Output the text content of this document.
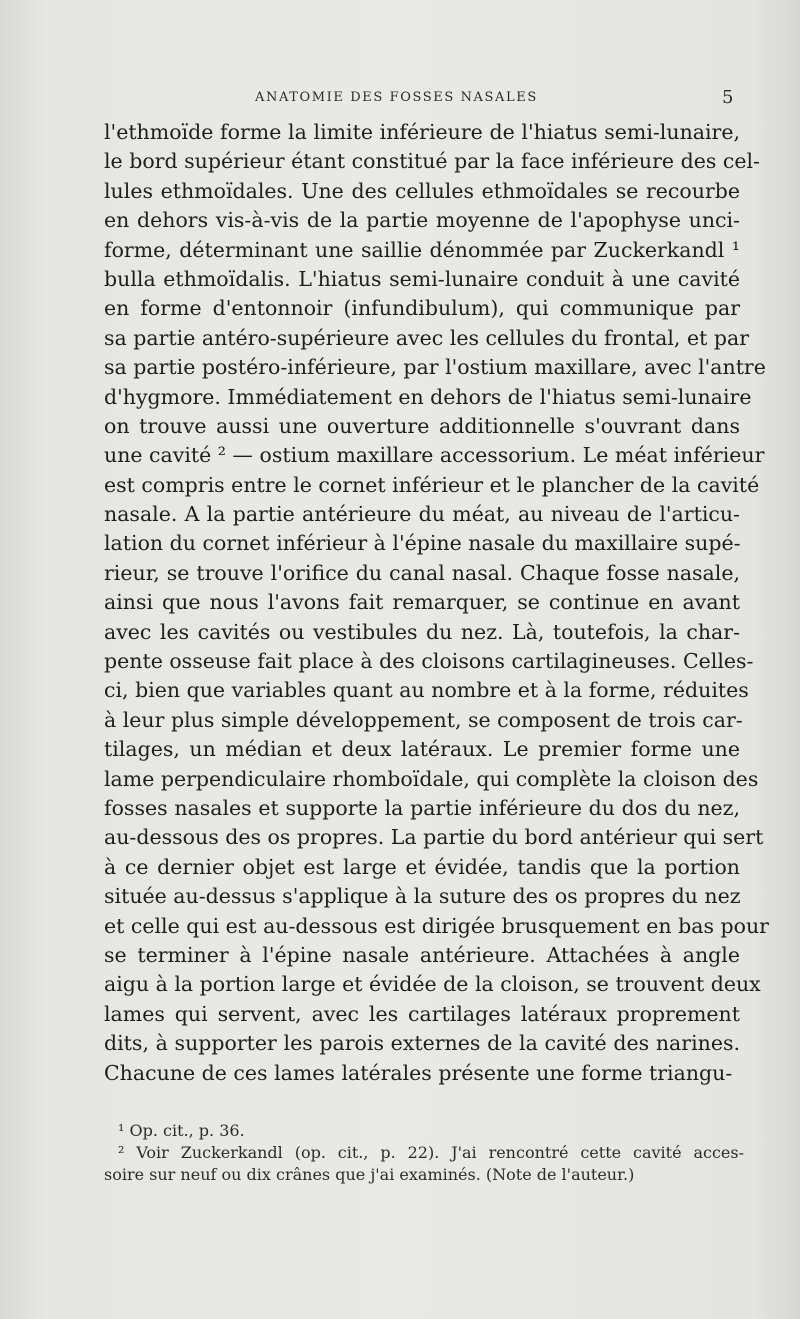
ANATOMIE DES FOSSES NASALES	5
l'ethmoïde forme la limite inférieure de l'hiatus semi-lunaire,
le bord supérieur étant constitué par la face inférieure des cel-
lules ethmoïdales. Une des cellules ethmoïdales se recourbe
en dehors vis-à-vis de la partie moyenne de l'apophyse unci-
forme, déterminant une saillie dénommée par Zuckerkandl ¹
bulla ethmoïdalis. L'hiatus semi-lunaire conduit à une cavité
en forme d'entonnoir (infundibulum), qui communique par
sa partie antéro-supérieure avec les cellules du frontal, et par
sa partie postéro-inférieure, par l'ostium maxillare, avec l'antre
d'hygmore. Immédiatement en dehors de l'hiatus semi-lunaire
on trouve aussi une ouverture additionnelle s'ouvrant dans
une cavité ² — ostium maxillare accessorium. Le méat inférieur
est compris entre le cornet inférieur et le plancher de la cavité
nasale. A la partie antérieure du méat, au niveau de l'articu-
lation du cornet inférieur à l'épine nasale du maxillaire supé-
rieur, se trouve l'orifice du canal nasal. Chaque fosse nasale,
ainsi que nous l'avons fait remarquer, se continue en avant
avec les cavités ou vestibules du nez. Là, toutefois, la char-
pente osseuse fait place à des cloisons cartilagineuses. Celles-
ci, bien que variables quant au nombre et à la forme, réduites
à leur plus simple développement, se composent de trois car-
tilages, un médian et deux latéraux. Le premier forme une
lame perpendiculaire rhomboïdale, qui complète la cloison des
fosses nasales et supporte la partie inférieure du dos du nez,
au-dessous des os propres. La partie du bord antérieur qui sert
à ce dernier objet est large et évidée, tandis que la portion
située au-dessus s'applique à la suture des os propres du nez
et celle qui est au-dessous est dirigée brusquement en bas pour
se terminer à l'épine nasale antérieure. Attachées à angle
aigu à la portion large et évidée de la cloison, se trouvent deux
lames qui servent, avec les cartilages latéraux proprement
dits, à supporter les parois externes de la cavité des narines.
Chacune de ces lames latérales présente une forme triangu-
¹ Op. cit., p. 36.
² Voir Zuckerkandl (op. cit., p. 22). J'ai rencontré cette cavité acces-
soire sur neuf ou dix crânes que j'ai examinés. (Note de l'auteur.)
